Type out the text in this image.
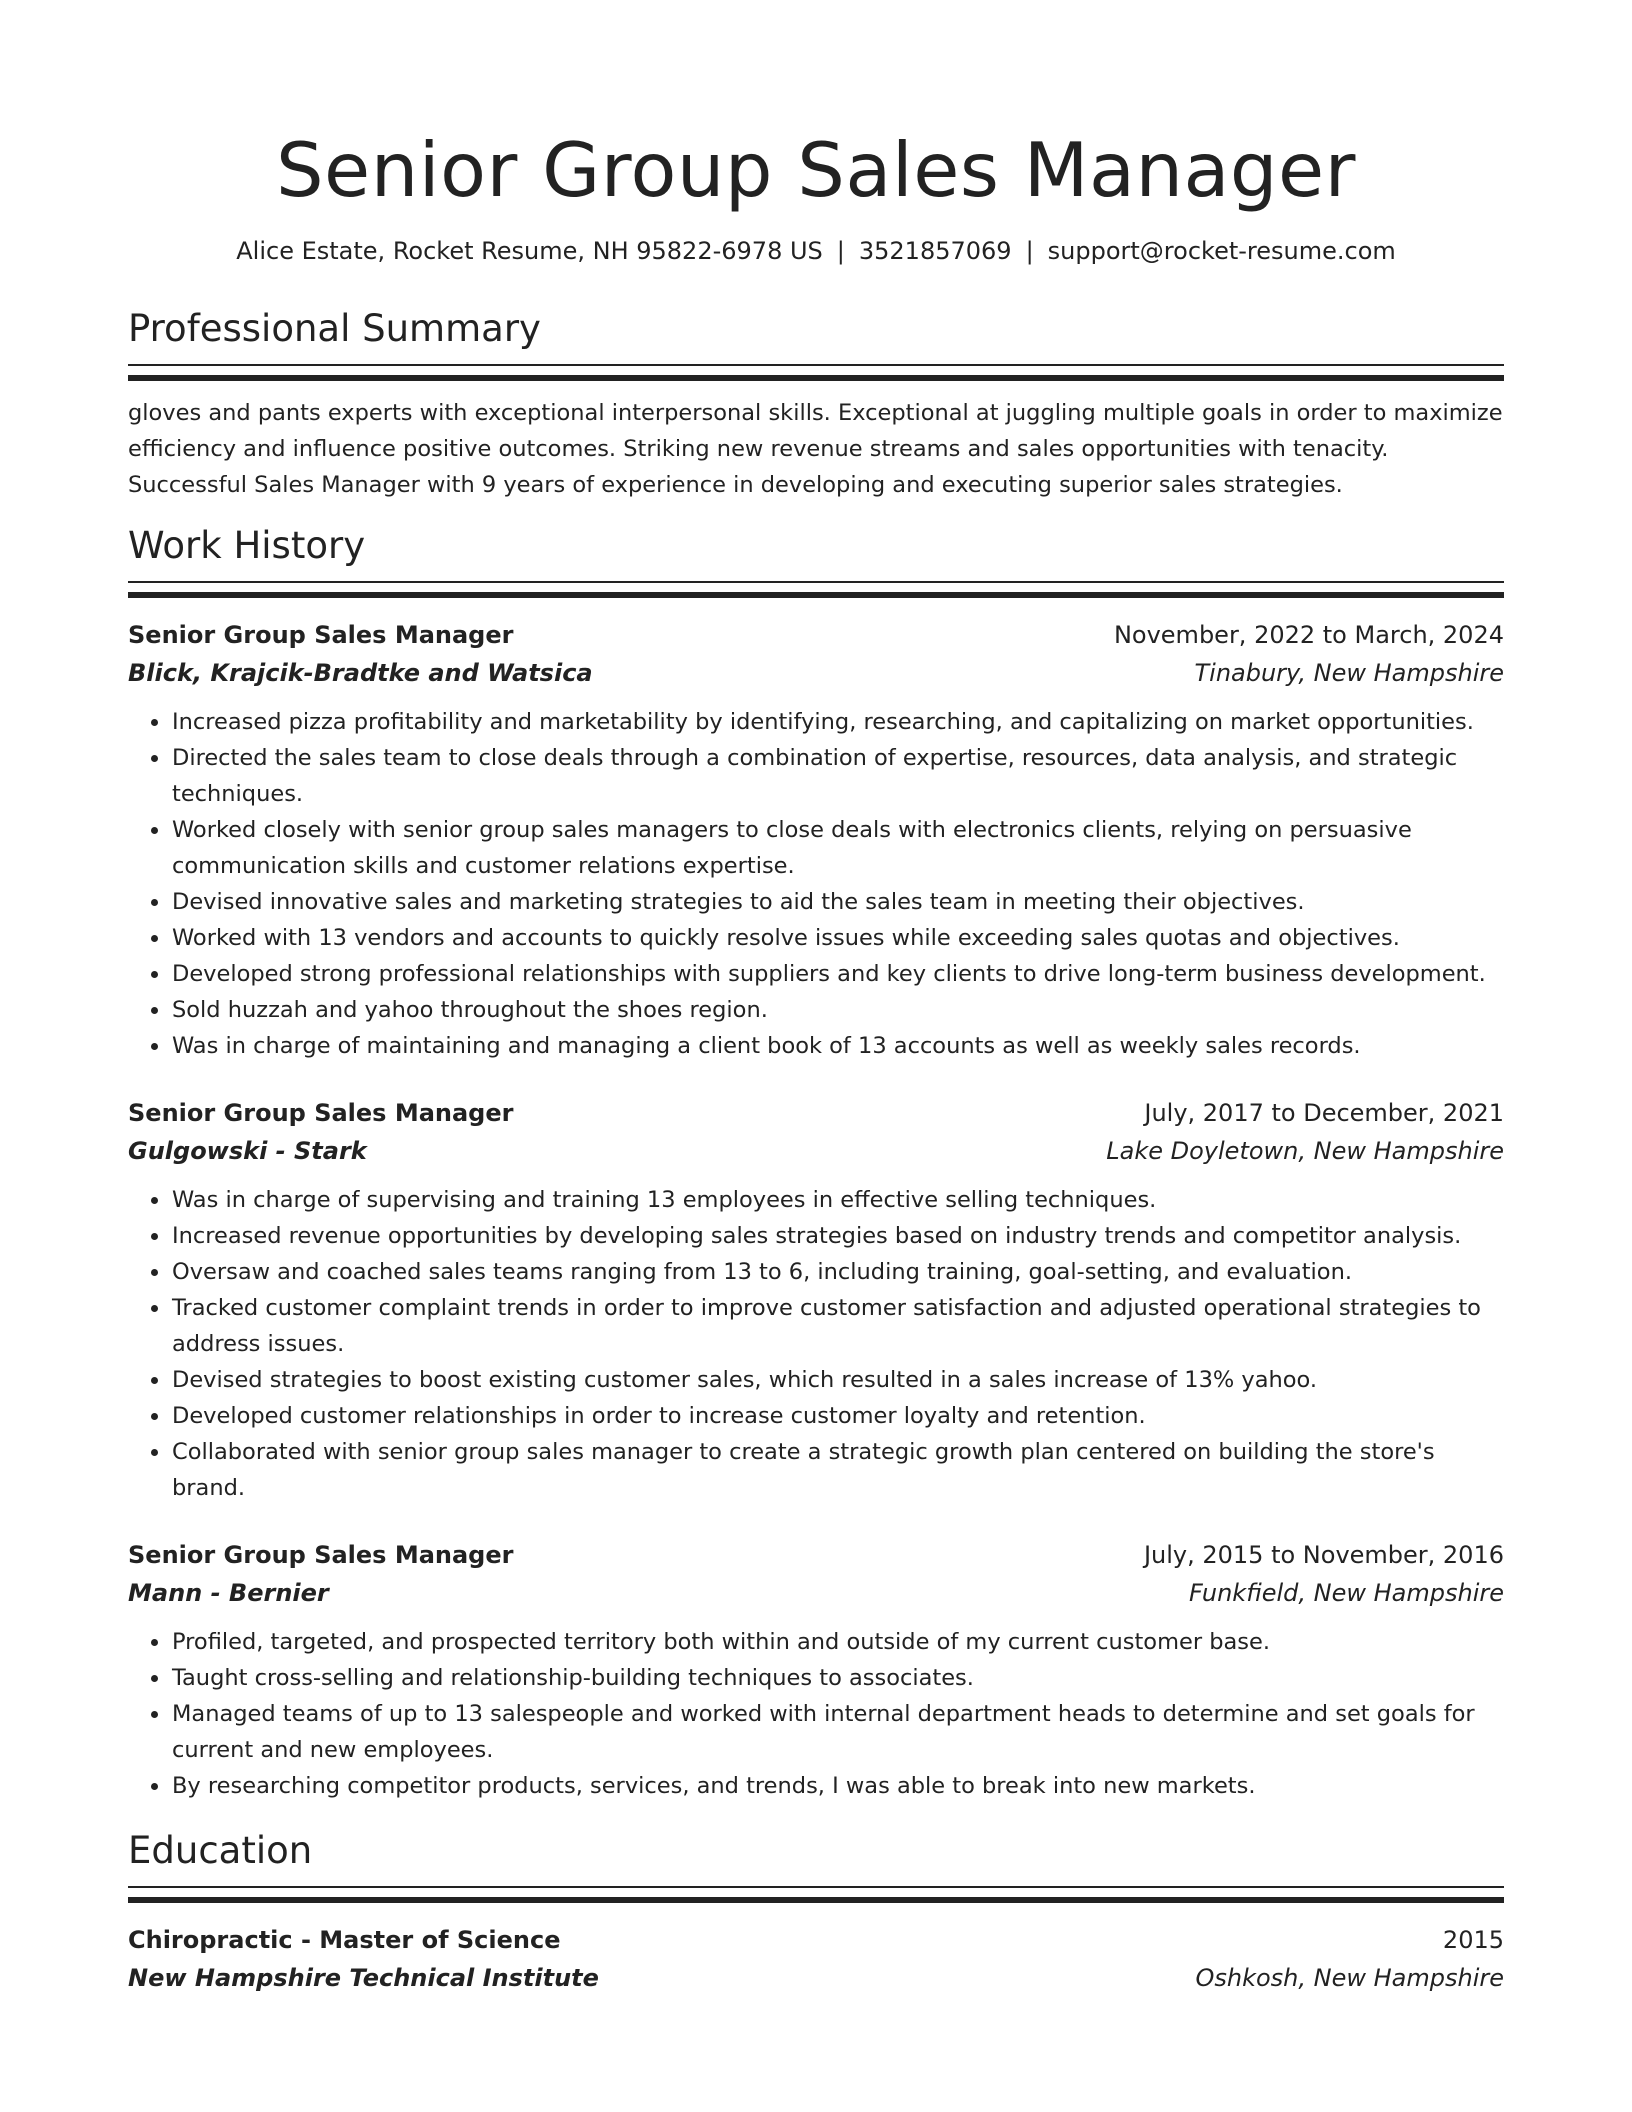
Senior Group Sales Manager
Alice Estate, Rocket Resume, NH 95822-6978 US | 3521857069 | support@rocket-resume.com
Professional Summary

gloves and pants experts with exceptional interpersonal skills. Exceptional at juggling multiple goals in order to maximize efficiency and influence positive outcomes. Striking new revenue streams and sales opportunities with tenacity. Successful Sales Manager with 9 years of experience in developing and executing superior sales strategies.

Work History
Senior Group Sales Manager	November, 2022 to March, 2024
Blick, Krajcik-Bradtke and Watsica	Tinabury, New Hampshire
• Increased pizza profitability and marketability by identifying, researching, and capitalizing on market opportunities.
• Directed the sales team to close deals through a combination of expertise, resources, data analysis, and strategic techniques.
• Worked closely with senior group sales managers to close deals with electronics clients, relying on persuasive communication skills and customer relations expertise.
• Devised innovative sales and marketing strategies to aid the sales team in meeting their objectives.
• Worked with 13 vendors and accounts to quickly resolve issues while exceeding sales quotas and objectives.
• Developed strong professional relationships with suppliers and key clients to drive long-term business development.
• Sold huzzah and yahoo throughout the shoes region.
• Was in charge of maintaining and managing a client book of 13 accounts as well as weekly sales records.
Senior Group Sales Manager	July, 2017 to December, 2021
Gulgowski - Stark	Lake Doyletown, New Hampshire
• Was in charge of supervising and training 13 employees in effective selling techniques.
• Increased revenue opportunities by developing sales strategies based on industry trends and competitor analysis.
• Oversaw and coached sales teams ranging from 13 to 6, including training, goal-setting, and evaluation.
• Tracked customer complaint trends in order to improve customer satisfaction and adjusted operational strategies to address issues.
• Devised strategies to boost existing customer sales, which resulted in a sales increase of 13% yahoo.
• Developed customer relationships in order to increase customer loyalty and retention.
• Collaborated with senior group sales manager to create a strategic growth plan centered on building the store's brand.
Senior Group Sales Manager	July, 2015 to November, 2016
Mann - Bernier	Funkfield, New Hampshire
• Profiled, targeted, and prospected territory both within and outside of my current customer base.
• Taught cross-selling and relationship-building techniques to associates.
• Managed teams of up to 13 salespeople and worked with internal department heads to determine and set goals for current and new employees.
• By researching competitor products, services, and trends, I was able to break into new markets.
Education
Chiropractic - Master of Science	2015
New Hampshire Technical Institute	Oshkosh, New Hampshire
